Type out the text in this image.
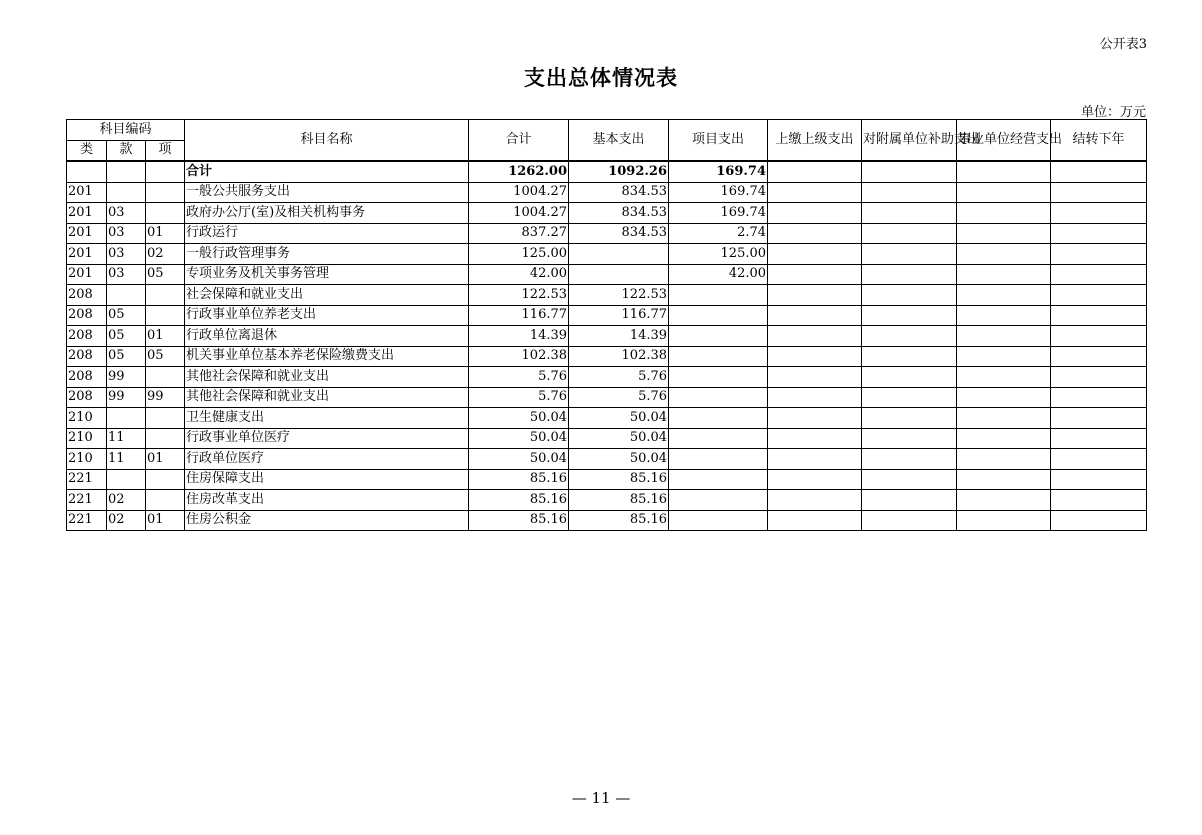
公开表3
支出总体情况表
单位：万元
科目编码			科目名称	合计	基本支出	项目支出	上缴上级支出	对附属单位补助支出	事业单位经营支出	结转下年
类	款	项								
			合计	1262.00	1092.26	169.74				
201			一般公共服务支出	1004.27	834.53	169.74				
201	03		政府办公厅(室)及相关机构事务	1004.27	834.53	169.74				
201	03	01	行政运行	837.27	834.53	2.74				
201	03	02	一般行政管理事务	125.00		125.00				
201	03	05	专项业务及机关事务管理	42.00		42.00				
208			社会保障和就业支出	122.53	122.53					
208	05		行政事业单位养老支出	116.77	116.77					
208	05	01	行政单位离退休	14.39	14.39					
208	05	05	机关事业单位基本养老保险缴费支出	102.38	102.38					
208	99		其他社会保障和就业支出	5.76	5.76					
208	99	99	其他社会保障和就业支出	5.76	5.76					
210			卫生健康支出	50.04	50.04					
210	11		行政事业单位医疗	50.04	50.04					
210	11	01	行政单位医疗	50.04	50.04					
221			住房保障支出	85.16	85.16					
221	02		住房改革支出	85.16	85.16					
221	02	01	住房公积金	85.16	85.16					
— 11 —
